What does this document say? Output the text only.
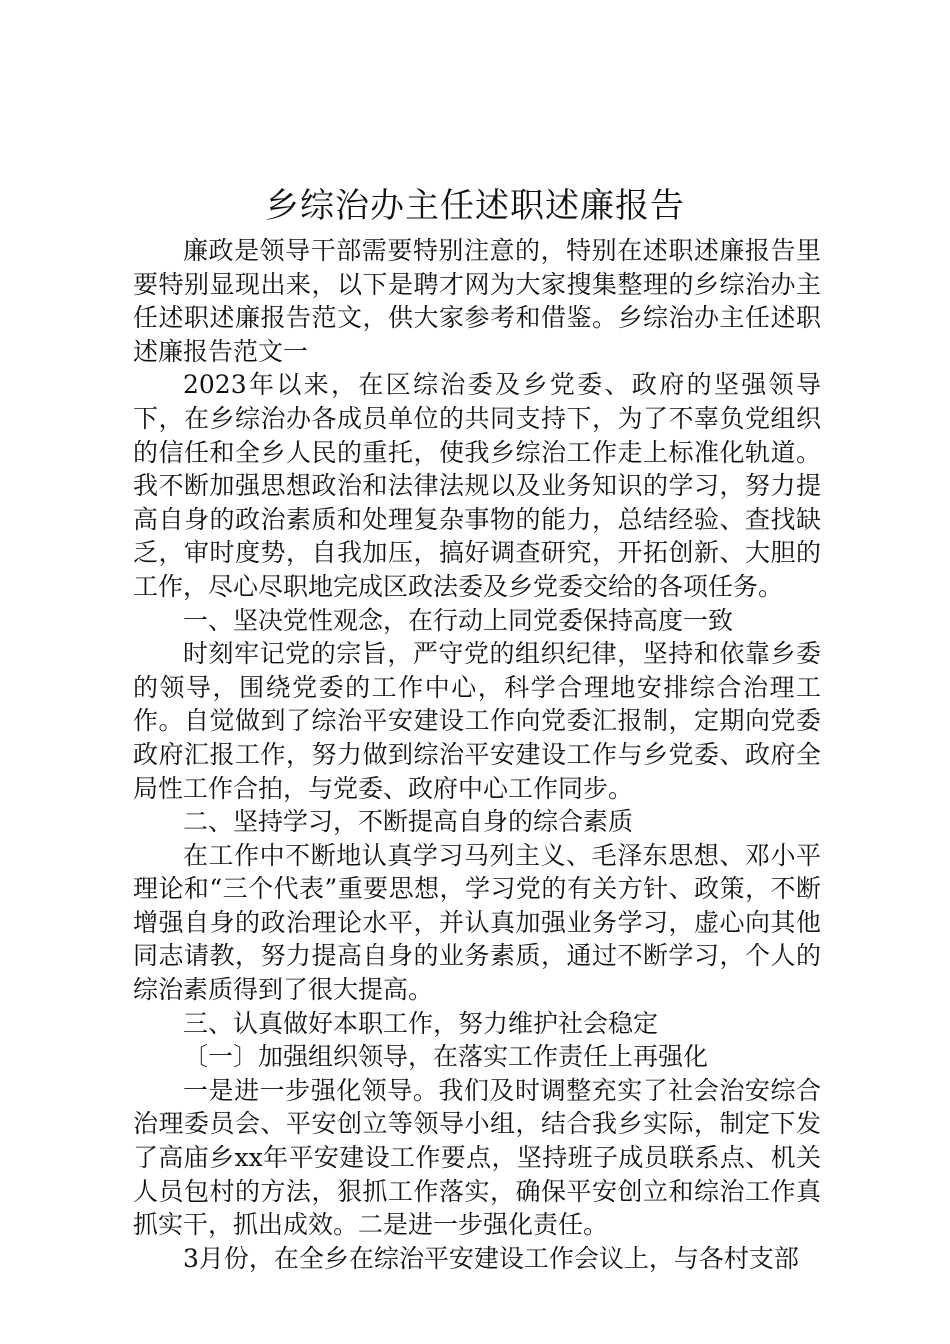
乡综治办主任述职述廉报告

廉政是领导干部需要特别注意的，特别在述职述廉报告里要特别显现出来，以下是聘才网为大家搜集整理的乡综治办主任述职述廉报告范文，供大家参考和借鉴。乡综治办主任述职述廉报告范文一

2023年以来，在区综治委及乡党委、政府的坚强领导下，在乡综治办各成员单位的共同支持下，为了不辜负党组织的信任和全乡人民的重托，使我乡综治工作走上标准化轨道。我不断加强思想政治和法律法规以及业务知识的学习，努力提高自身的政治素质和处理复杂事物的能力，总结经验、查找缺乏，审时度势，自我加压，搞好调查研究，开拓创新、大胆的工作，尽心尽职地完成区政法委及乡党委交给的各项任务。

一、坚决党性观念，在行动上同党委保持高度一致

时刻牢记党的宗旨，严守党的组织纪律，坚持和依靠乡委的领导，围绕党委的工作中心，科学合理地安排综合治理工作。自觉做到了综治平安建设工作向党委汇报制，定期向党委政府汇报工作，努力做到综治平安建设工作与乡党委、政府全局性工作合拍，与党委、政府中心工作同步。

二、坚持学习，不断提高自身的综合素质

在工作中不断地认真学习马列主义、毛泽东思想、邓小平理论和“三个代表”重要思想，学习党的有关方针、政策，不断增强自身的政治理论水平，并认真加强业务学习，虚心向其他同志请教，努力提高自身的业务素质，通过不断学习，个人的综治素质得到了很大提高。

三、认真做好本职工作，努力维护社会稳定

〔一〕加强组织领导，在落实工作责任上再强化

一是进一步强化领导。我们及时调整充实了社会治安综合治理委员会、平安创立等领导小组，结合我乡实际，制定下发了高庙乡xx年平安建设工作要点，坚持班子成员联系点、机关人员包村的方法，狠抓工作落实，确保平安创立和综治工作真抓实干，抓出成效。二是进一步强化责任。

3月份，在全乡在综治平安建设工作会议上，与各村支部
